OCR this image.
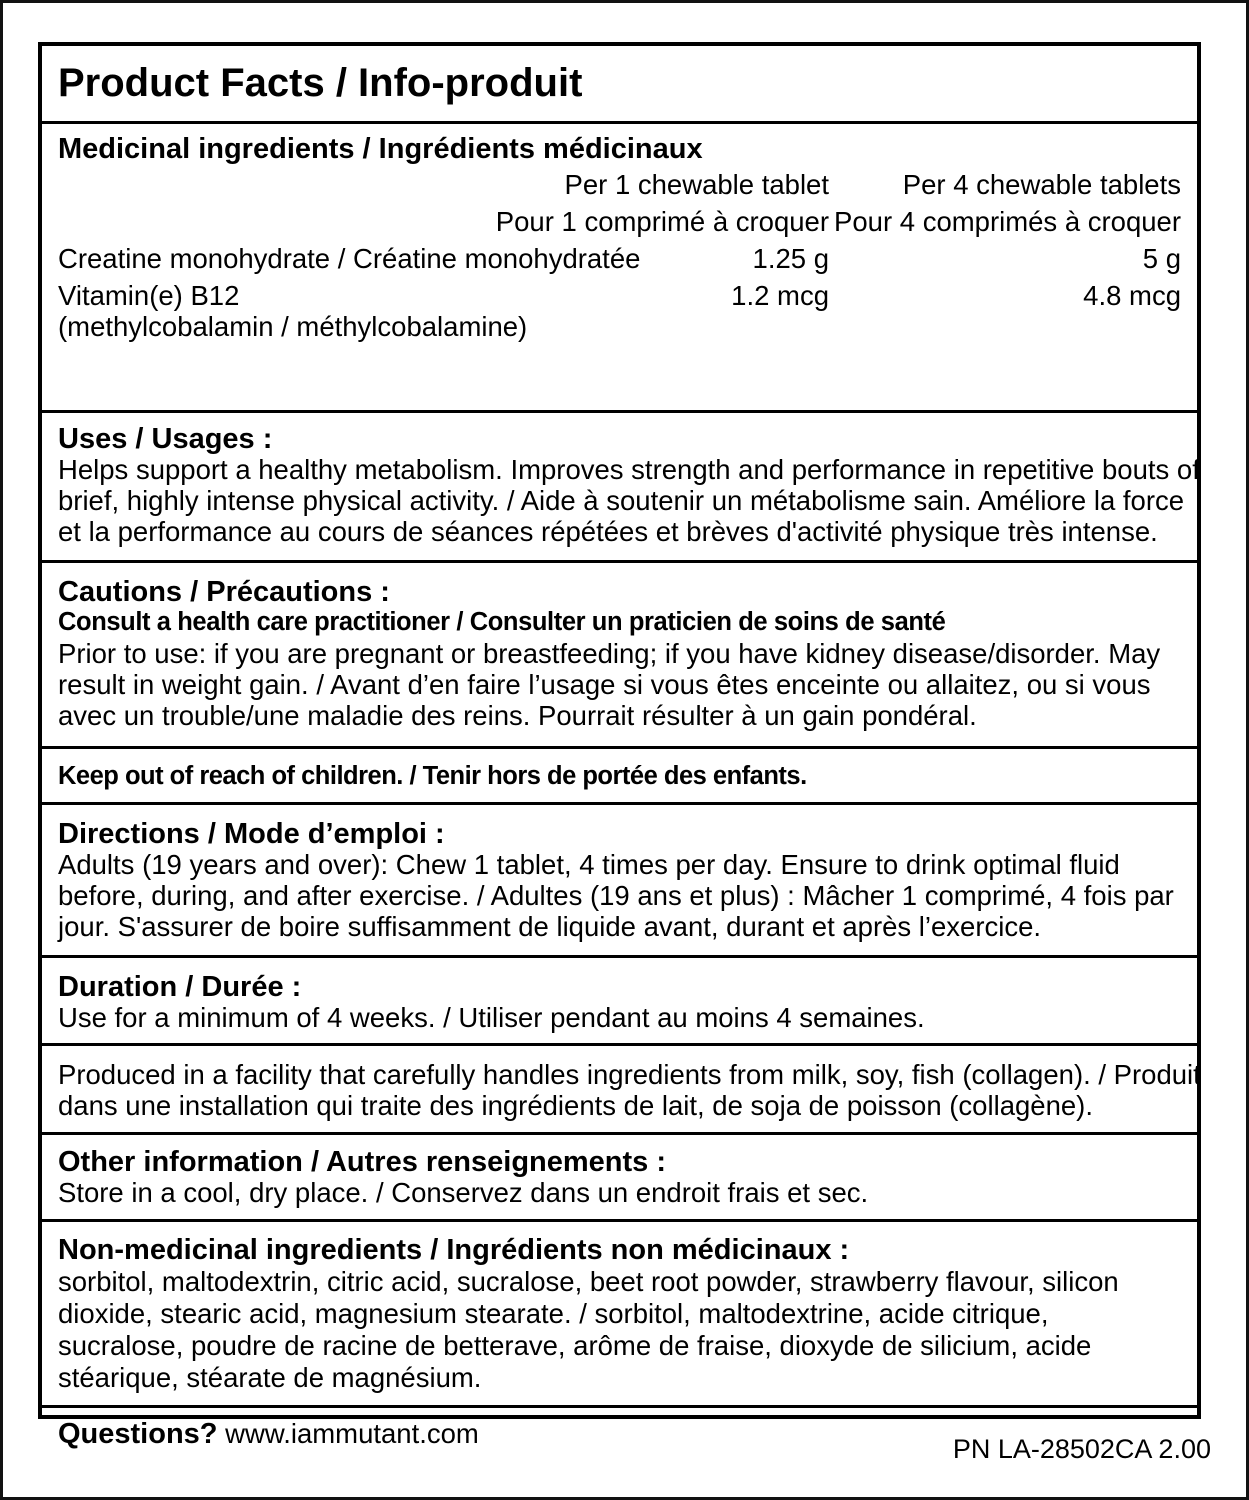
Product Facts / Info-produit
Medicinal ingredients / Ingrédients médicinaux
Per 1 chewable tablet	Per 4 chewable tablets
Pour 1 comprimé à croquer Pour 4 comprimés à croquer
Creatine monohydrate / Créatine monohydratée	1.25 g	5 g
Vitamin(e) B12	1.2 mcg	4.8 mcg
(methylcobalamin / méthylcobalamine)
Uses / Usages :
Helps support a healthy metabolism. Improves strength and performance in repetitive bouts of
brief, highly intense physical activity. / Aide à soutenir un métabolisme sain. Améliore la force
et la performance au cours de séances répétées et brèves d'activité physique très intense.
Cautions / Précautions :
Consult a health care practitioner / Consulter un praticien de soins de santé
Prior to use: if you are pregnant or breastfeeding; if you have kidney disease/disorder. May
result in weight gain. / Avant d’en faire l’usage si vous êtes enceinte ou allaitez, ou si vous
avec un trouble/une maladie des reins. Pourrait résulter à un gain pondéral.
Keep out of reach of children. / Tenir hors de portée des enfants.
Directions / Mode d’emploi :
Adults (19 years and over): Chew 1 tablet, 4 times per day. Ensure to drink optimal fluid
before, during, and after exercise. / Adultes (19 ans et plus) : Mâcher 1 comprimé, 4 fois par
jour. S'assurer de boire suffisamment de liquide avant, durant et après l’exercice.
Duration / Durée :
Use for a minimum of 4 weeks. / Utiliser pendant au moins 4 semaines.
Produced in a facility that carefully handles ingredients from milk, soy, fish (collagen). / Produit
dans une installation qui traite des ingrédients de lait, de soja de poisson (collagène).
Other information / Autres renseignements :
Store in a cool, dry place. / Conservez dans un endroit frais et sec.
Non-medicinal ingredients / Ingrédients non médicinaux :
sorbitol, maltodextrin, citric acid, sucralose, beet root powder, strawberry flavour, silicon
dioxide, stearic acid, magnesium stearate. / sorbitol, maltodextrine, acide citrique,
sucralose, poudre de racine de betterave, arôme de fraise, dioxyde de silicium, acide
stéarique, stéarate de magnésium.
Questions? www.iammutant.com	PN LA-28502CA 2.00
